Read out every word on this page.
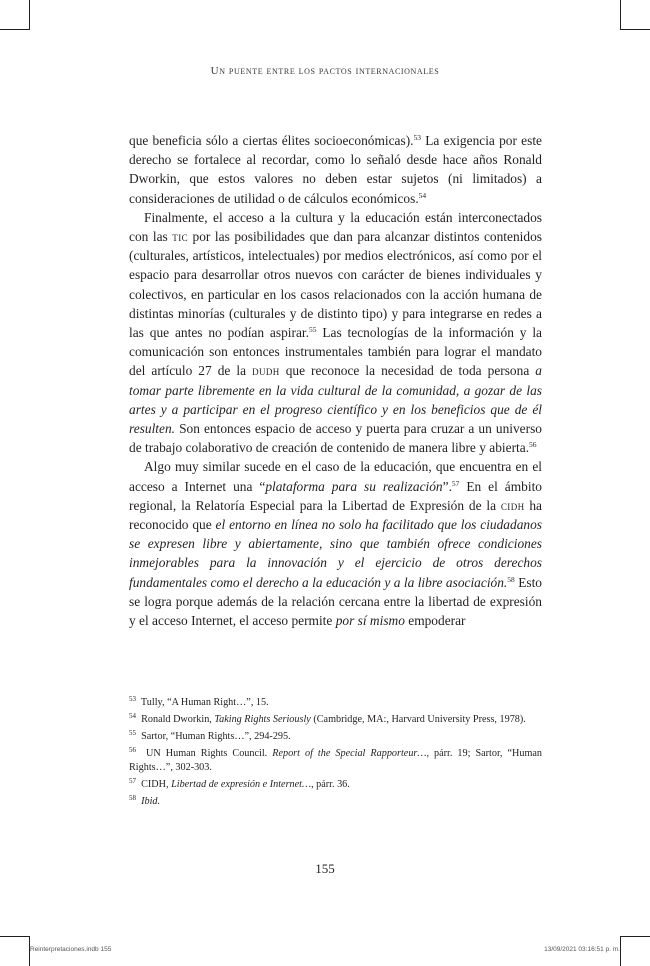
Un puente entre los pactos internacionales

que beneficia sólo a ciertas élites socioeconómicas).$^{53}$ La exigencia por este derecho se fortalece al recordar, como lo señaló desde hace años Ronald Dworkin, que estos valores no deben estar sujetos (ni limitados) a consideraciones de utilidad o de cálculos económicos.$^{54}$

Finalmente, el acceso a la cultura y la educación están interconectados con las tic por las posibilidades que dan para alcanzar distintos contenidos (culturales, artísticos, intelectuales) por medios electrónicos, así como por el espacio para desarrollar otros nuevos con carácter de bienes individuales y colectivos, en particular en los casos relacionados con la acción humana de distintas minorías (culturales y de distinto tipo) y para integrarse en redes a las que antes no podían aspirar.$^{55}$ Las tecnologías de la información y la comunicación son entonces instrumentales también para lograr el mandato del artículo 27 de la dudh que reconoce la necesidad de toda persona a tomar parte libremente en la vida cultural de la comunidad, a gozar de las artes y a participar en el progreso científico y en los beneficios que de él resulten. Son entonces espacio de acceso y puerta para cruzar a un universo de trabajo colaborativo de creación de contenido de manera libre y abierta.$^{56}$

Algo muy similar sucede en el caso de la educación, que encuentra en el acceso a Internet una “plataforma para su realización”.$^{57}$ En el ámbito regional, la Relatoría Especial para la Libertad de Expresión de la cidh ha reconocido que el entorno en línea no solo ha facilitado que los ciudadanos se expresen libre y abiertamente, sino que también ofrece condiciones inmejorables para la innovación y el ejercicio de otros derechos fundamentales como el derecho a la educación y a la libre asociación.$^{58}$ Esto se logra porque además de la relación cercana entre la libertad de expresión y el acceso Internet, el acceso permite por sí mismo empoderar

$^{53}$ Tully, “A Human Right…”, 15.
$^{54}$ Ronald Dworkin, Taking Rights Seriously (Cambridge, MA:, Harvard University Press, 1978).
$^{55}$ Sartor, “Human Rights…”, 294-295.
$^{56}$ UN Human Rights Council. Report of the Special Rapporteur…, párr. 19; Sartor, “Human Rights…”, 302-303.
$^{57}$ CIDH, Libertad de expresión e Internet…, párr. 36.
$^{58}$ Ibid.
155
Reinterpretaciones.indb 155	13/09/2021 03:16:51 p. m.
